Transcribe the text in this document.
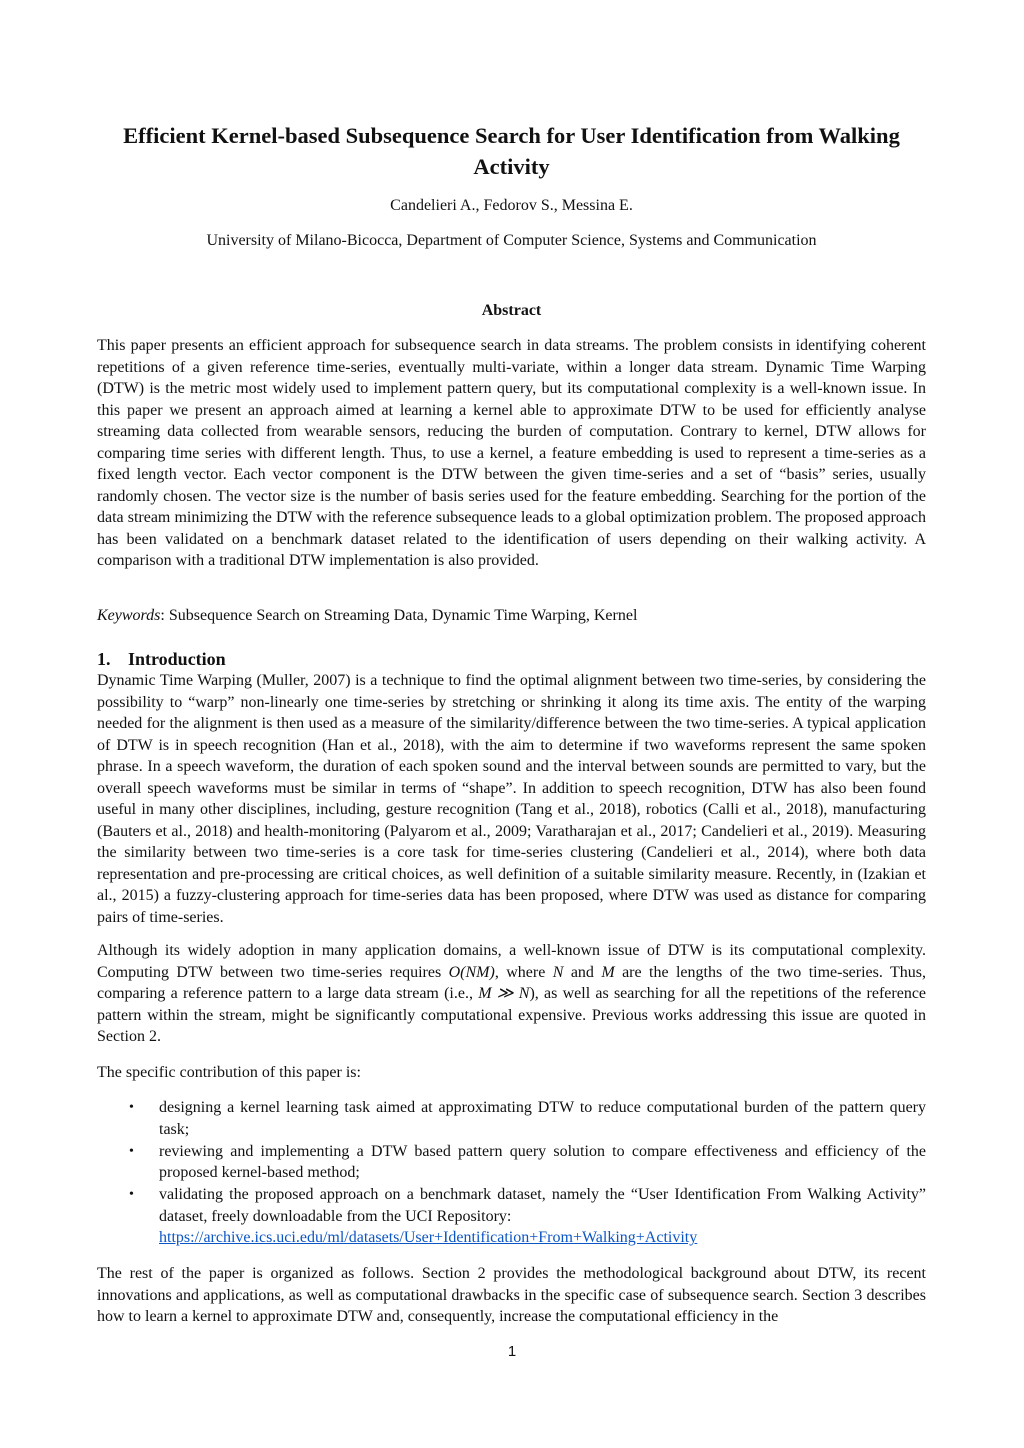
Efficient Kernel-based Subsequence Search for User Identification from Walking Activity
Candelieri A., Fedorov S., Messina E.
University of Milano-Bicocca, Department of Computer Science, Systems and Communication
Abstract

This paper presents an efficient approach for subsequence search in data streams. The problem consists in identifying coherent repetitions of a given reference time-series, eventually multi-variate, within a longer data stream. Dynamic Time Warping (DTW) is the metric most widely used to implement pattern query, but its computational complexity is a well-known issue. In this paper we present an approach aimed at learning a kernel able to approximate DTW to be used for efficiently analyse streaming data collected from wearable sensors, reducing the burden of computation. Contrary to kernel, DTW allows for comparing time series with different length. Thus, to use a kernel, a feature embedding is used to represent a time-series as a fixed length vector. Each vector component is the DTW between the given time-series and a set of “basis” series, usually randomly chosen. The vector size is the number of basis series used for the feature embedding. Searching for the portion of the data stream minimizing the DTW with the reference subsequence leads to a global optimization problem. The proposed approach has been validated on a benchmark dataset related to the identification of users depending on their walking activity. A comparison with a traditional DTW implementation is also provided.

Keywords: Subsequence Search on Streaming Data, Dynamic Time Warping, Kernel
1. Introduction

Dynamic Time Warping (Muller, 2007) is a technique to find the optimal alignment between two time-series, by considering the possibility to “warp” non-linearly one time-series by stretching or shrinking it along its time axis. The entity of the warping needed for the alignment is then used as a measure of the similarity/difference between the two time-series. A typical application of DTW is in speech recognition (Han et al., 2018), with the aim to determine if two waveforms represent the same spoken phrase. In a speech waveform, the duration of each spoken sound and the interval between sounds are permitted to vary, but the overall speech waveforms must be similar in terms of “shape”. In addition to speech recognition, DTW has also been found useful in many other disciplines, including, gesture recognition (Tang et al., 2018), robotics (Calli et al., 2018), manufacturing (Bauters et al., 2018) and health-monitoring (Palyarom et al., 2009; Varatharajan et al., 2017; Candelieri et al., 2019). Measuring the similarity between two time-series is a core task for time-series clustering (Candelieri et al., 2014), where both data representation and pre-processing are critical choices, as well definition of a suitable similarity measure. Recently, in (Izakian et al., 2015) a fuzzy-clustering approach for time-series data has been proposed, where DTW was used as distance for comparing pairs of time-series.

Although its widely adoption in many application domains, a well-known issue of DTW is its computational complexity. Computing DTW between two time-series requires O(NM), where N and M are the lengths of the two time-series. Thus, comparing a reference pattern to a large data stream (i.e., M ≫ N), as well as searching for all the repetitions of the reference pattern within the stream, might be significantly computational expensive. Previous works addressing this issue are quoted in Section 2.

The specific contribution of this paper is:

• designing a kernel learning task aimed at approximating DTW to reduce computational burden of the pattern query task;
• reviewing and implementing a DTW based pattern query solution to compare effectiveness and efficiency of the proposed kernel-based method;
• validating the proposed approach on a benchmark dataset, namely the “User Identification From Walking Activity” dataset, freely downloadable from the UCI Repository:
https://archive.ics.uci.edu/ml/datasets/User+Identification+From+Walking+Activity

The rest of the paper is organized as follows. Section 2 provides the methodological background about DTW, its recent innovations and applications, as well as computational drawbacks in the specific case of subsequence search. Section 3 describes how to learn a kernel to approximate DTW and, consequently, increase the computational efficiency in the

1
